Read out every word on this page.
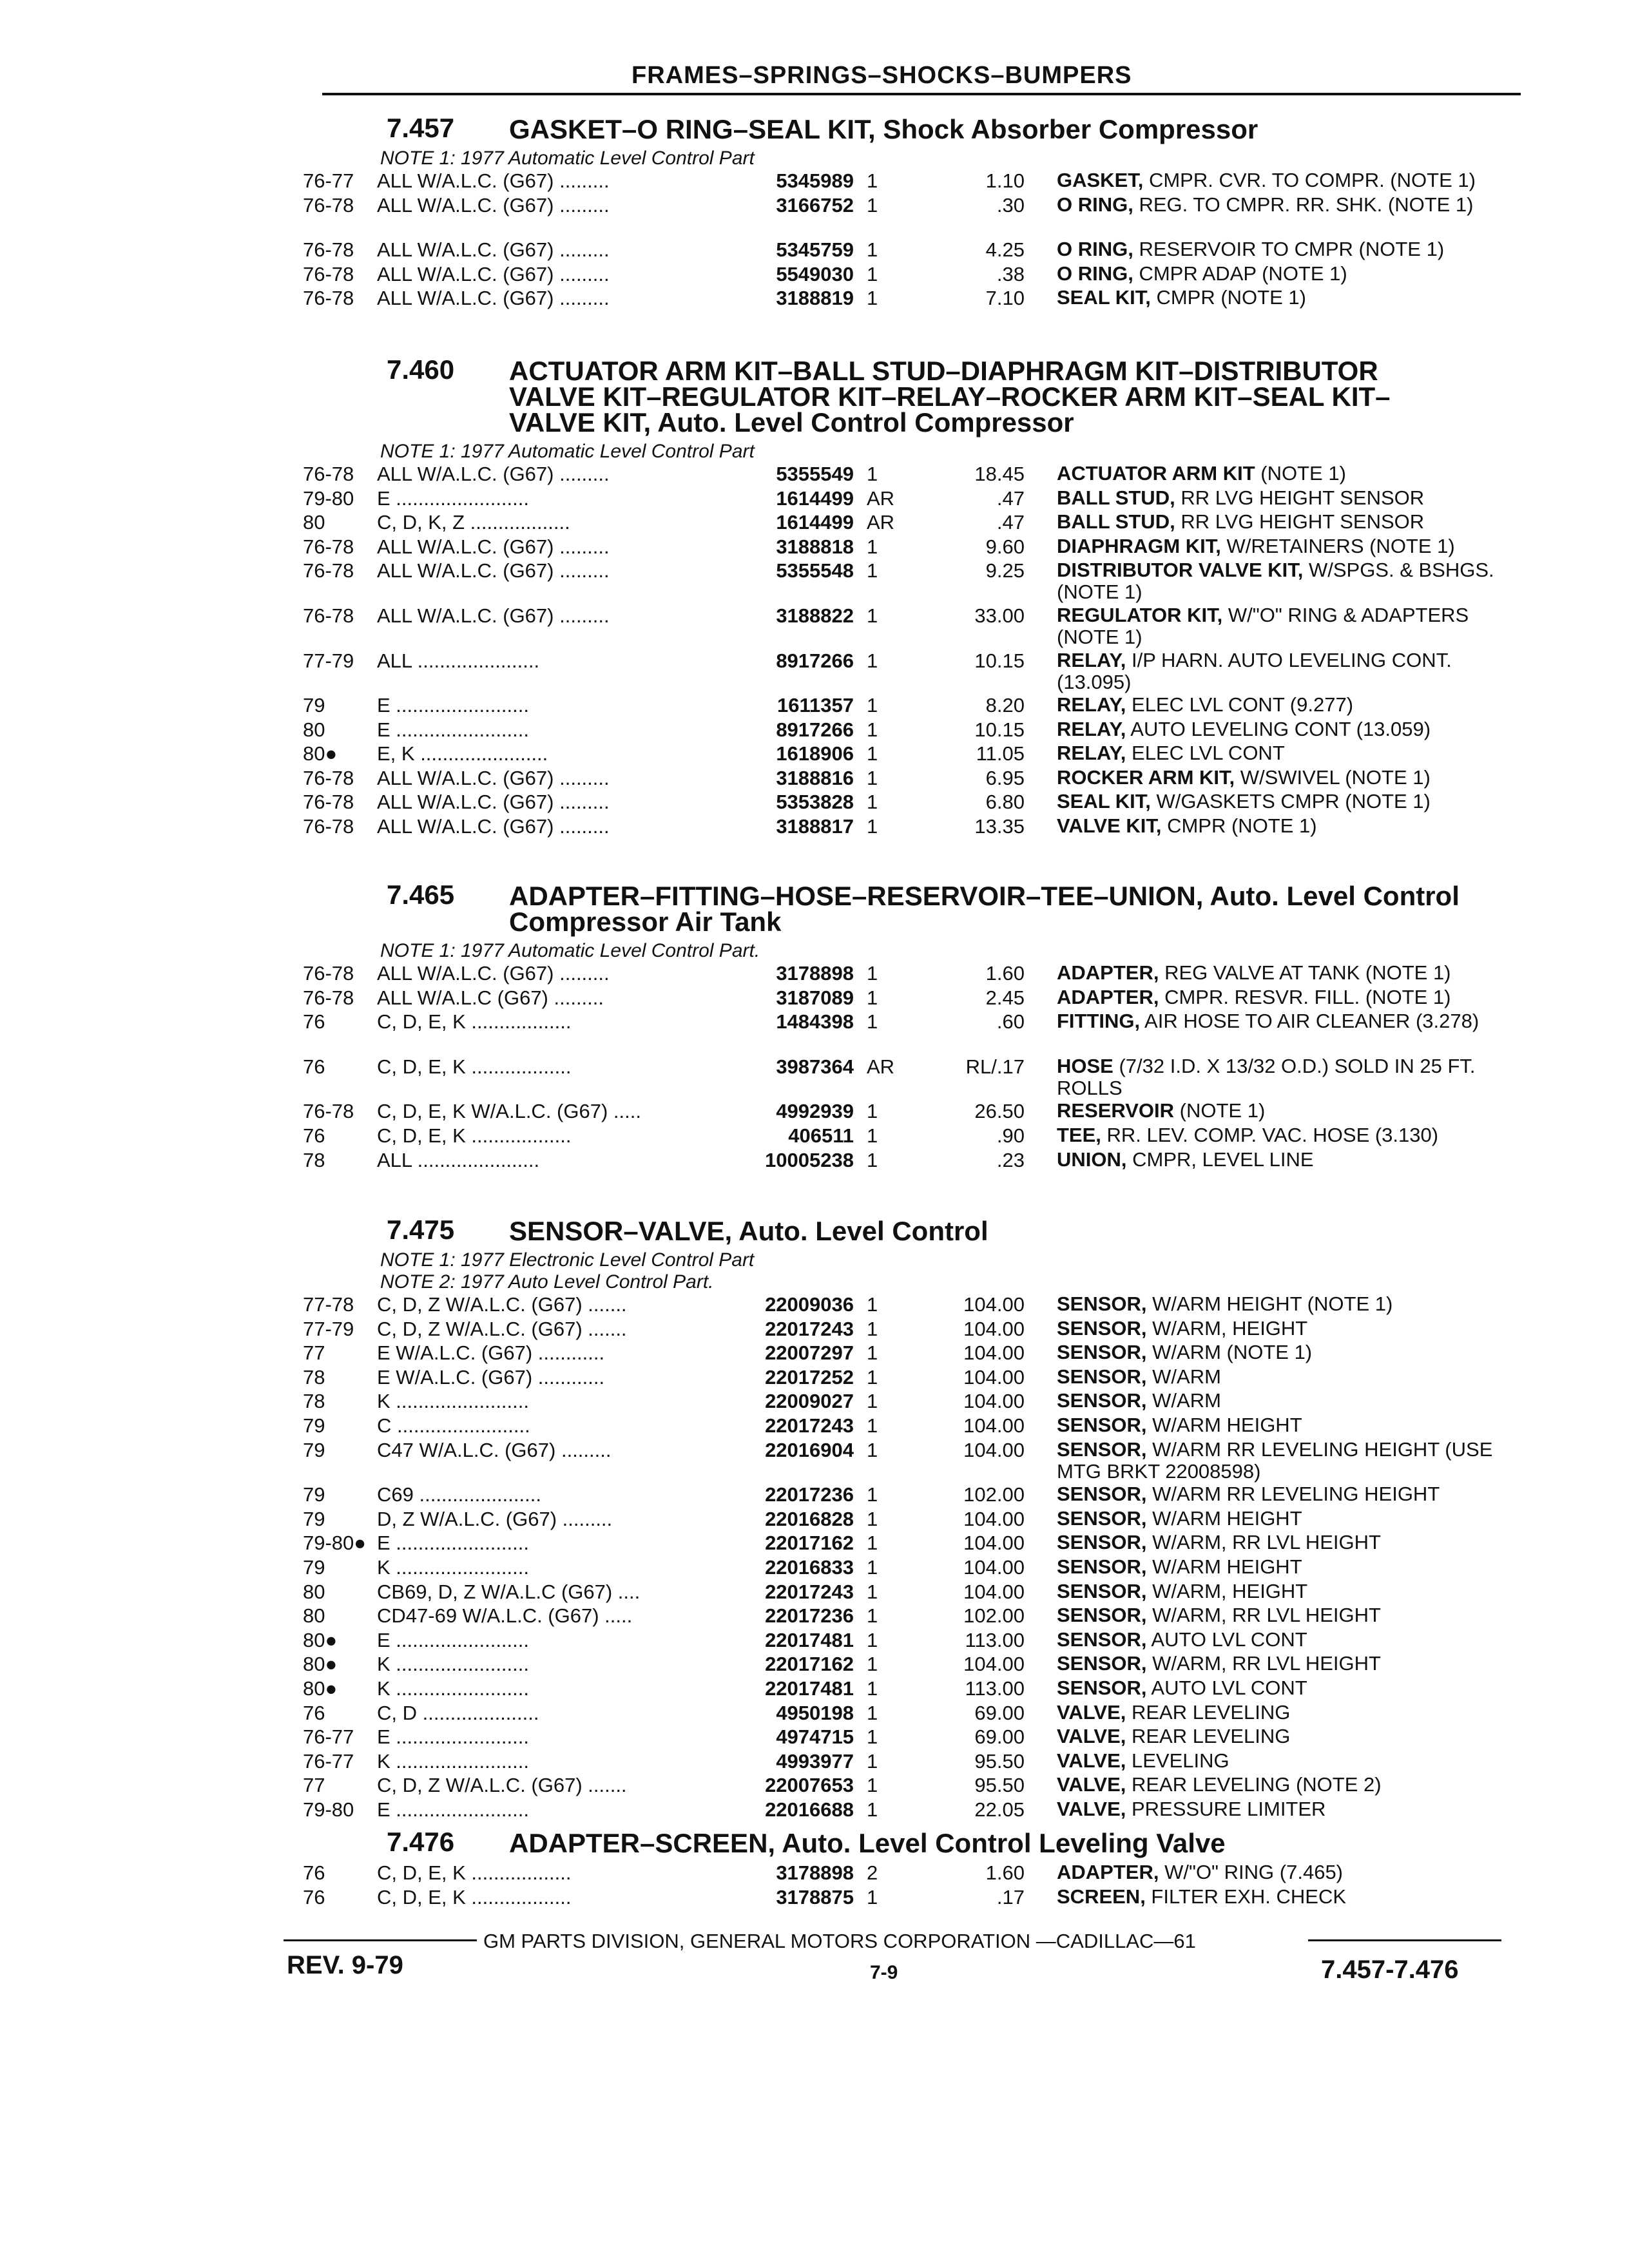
FRAMES–SPRINGS–SHOCKS–BUMPERS
7.457 GASKET–O RING–SEAL KIT, Shock Absorber Compressor
NOTE 1: 1977 Automatic Level Control Part
76-77 ALL W/A.L.C. (G67) .........	5345989 1	1.10 GASKET, CMPR. CVR. TO COMPR. (NOTE 1)
76-78 ALL W/A.L.C. (G67) .........	3166752 1	.30 O RING, REG. TO CMPR. RR. SHK. (NOTE 1)
76-78 ALL W/A.L.C. (G67) .........	5345759 1	4.25 O RING, RESERVOIR TO CMPR (NOTE 1)
76-78 ALL W/A.L.C. (G67) .........	5549030 1	.38 O RING, CMPR ADAP (NOTE 1)
76-78 ALL W/A.L.C. (G67) .........	3188819 1	7.10 SEAL KIT, CMPR (NOTE 1)
7.460 ACTUATOR ARM KIT–BALL STUD–DIAPHRAGM KIT–DISTRIBUTOR
VALVE KIT–REGULATOR KIT–RELAY–ROCKER ARM KIT–SEAL KIT–
VALVE KIT, Auto. Level Control Compressor
NOTE 1: 1977 Automatic Level Control Part
76-78 ALL W/A.L.C. (G67) .........	5355549 1	18.45 ACTUATOR ARM KIT (NOTE 1)
79-80 E ........................	1614499 AR	.47 BALL STUD, RR LVG HEIGHT SENSOR
80	C, D, K, Z ..................	1614499 AR	.47 BALL STUD, RR LVG HEIGHT SENSOR
76-78 ALL W/A.L.C. (G67) .........	3188818 1	9.60 DIAPHRAGM KIT, W/RETAINERS (NOTE 1)
76-78 ALL W/A.L.C. (G67) .........	5355548 1	9.25 DISTRIBUTOR VALVE KIT, W/SPGS. & BSHGS. (NOTE 1)
76-78 ALL W/A.L.C. (G67) .........	3188822 1	33.00 REGULATOR KIT, W/"O" RING & ADAPTERS (NOTE 1)
77-79 ALL ......................	8917266 1	10.15 RELAY, I/P HARN. AUTO LEVELING CONT. (13.095)
79	E ........................	1611357 1	8.20 RELAY, ELEC LVL CONT (9.277)
80	E ........................	8917266 1	10.15 RELAY, AUTO LEVELING CONT (13.059)
80● E, K .......................	1618906 1	11.05 RELAY, ELEC LVL CONT
76-78 ALL W/A.L.C. (G67) .........	3188816 1	6.95 ROCKER ARM KIT, W/SWIVEL (NOTE 1)
76-78 ALL W/A.L.C. (G67) .........	5353828 1	6.80 SEAL KIT, W/GASKETS CMPR (NOTE 1)
76-78 ALL W/A.L.C. (G67) .........	3188817 1	13.35 VALVE KIT, CMPR (NOTE 1)
7.465 ADAPTER–FITTING–HOSE–RESERVOIR–TEE–UNION, Auto. Level Control
Compressor Air Tank
NOTE 1: 1977 Automatic Level Control Part.
76-78 ALL W/A.L.C. (G67) .........	3178898 1	1.60 ADAPTER, REG VALVE AT TANK (NOTE 1)
76-78 ALL W/A.L.C (G67) .........	3187089 1	2.45 ADAPTER, CMPR. RESVR. FILL. (NOTE 1)
76	C, D, E, K ..................	1484398 1	.60 FITTING, AIR HOSE TO AIR CLEANER (3.278)
76	C, D, E, K ..................	3987364 AR	RL/.17 HOSE (7/32 I.D. X 13/32 O.D.) SOLD IN 25 FT. ROLLS
76-78 C, D, E, K W/A.L.C. (G67) .....	4992939 1	26.50 RESERVOIR (NOTE 1)
76	C, D, E, K ..................	406511 1	.90 TEE, RR. LEV. COMP. VAC. HOSE (3.130)
78	ALL ......................	10005238 1	.23 UNION, CMPR, LEVEL LINE
7.475 SENSOR–VALVE, Auto. Level Control
NOTE 1: 1977 Electronic Level Control Part
NOTE 2: 1977 Auto Level Control Part.
77-78 C, D, Z W/A.L.C. (G67) .......	22009036 1	104.00 SENSOR, W/ARM HEIGHT (NOTE 1)
77-79 C, D, Z W/A.L.C. (G67) .......	22017243 1	104.00 SENSOR, W/ARM, HEIGHT
77	E W/A.L.C. (G67) ............	22007297 1	104.00 SENSOR, W/ARM (NOTE 1)
78	E W/A.L.C. (G67) ............	22017252 1	104.00 SENSOR, W/ARM
78	K ........................	22009027 1	104.00 SENSOR, W/ARM
79	C ........................	22017243 1	104.00 SENSOR, W/ARM HEIGHT
79	C47 W/A.L.C. (G67) .........	22016904 1	104.00 SENSOR, W/ARM RR LEVELING HEIGHT (USE MTG BRKT 22008598)
79	C69 ......................	22017236 1	102.00 SENSOR, W/ARM RR LEVELING HEIGHT
79	D, Z W/A.L.C. (G67) .........	22016828 1	104.00 SENSOR, W/ARM HEIGHT
79-80● E ........................	22017162 1	104.00 SENSOR, W/ARM, RR LVL HEIGHT
79	K ........................	22016833 1	104.00 SENSOR, W/ARM HEIGHT
80	CB69, D, Z W/A.L.C (G67) ....	22017243 1	104.00 SENSOR, W/ARM, HEIGHT
80	CD47-69 W/A.L.C. (G67) .....	22017236 1	102.00 SENSOR, W/ARM, RR LVL HEIGHT
80● E ........................	22017481 1	113.00 SENSOR, AUTO LVL CONT
80● K ........................	22017162 1	104.00 SENSOR, W/ARM, RR LVL HEIGHT
80● K ........................	22017481 1	113.00 SENSOR, AUTO LVL CONT
76	C, D .....................	4950198 1	69.00 VALVE, REAR LEVELING
76-77 E ........................	4974715 1	69.00 VALVE, REAR LEVELING
76-77 K ........................	4993977 1	95.50 VALVE, LEVELING
77	C, D, Z W/A.L.C. (G67) .......	22007653 1	95.50 VALVE, REAR LEVELING (NOTE 2)
79-80 E ........................	22016688 1	22.05 VALVE, PRESSURE LIMITER
7.476 ADAPTER–SCREEN, Auto. Level Control Leveling Valve
76	C, D, E, K ..................	3178898 2	1.60 ADAPTER, W/"O" RING (7.465)
76	C, D, E, K ..................	3178875 1	.17 SCREEN, FILTER EXH. CHECK
GM PARTS DIVISION, GENERAL MOTORS CORPORATION —CADILLAC—61
REV. 9-79	7-9	7.457-7.476
